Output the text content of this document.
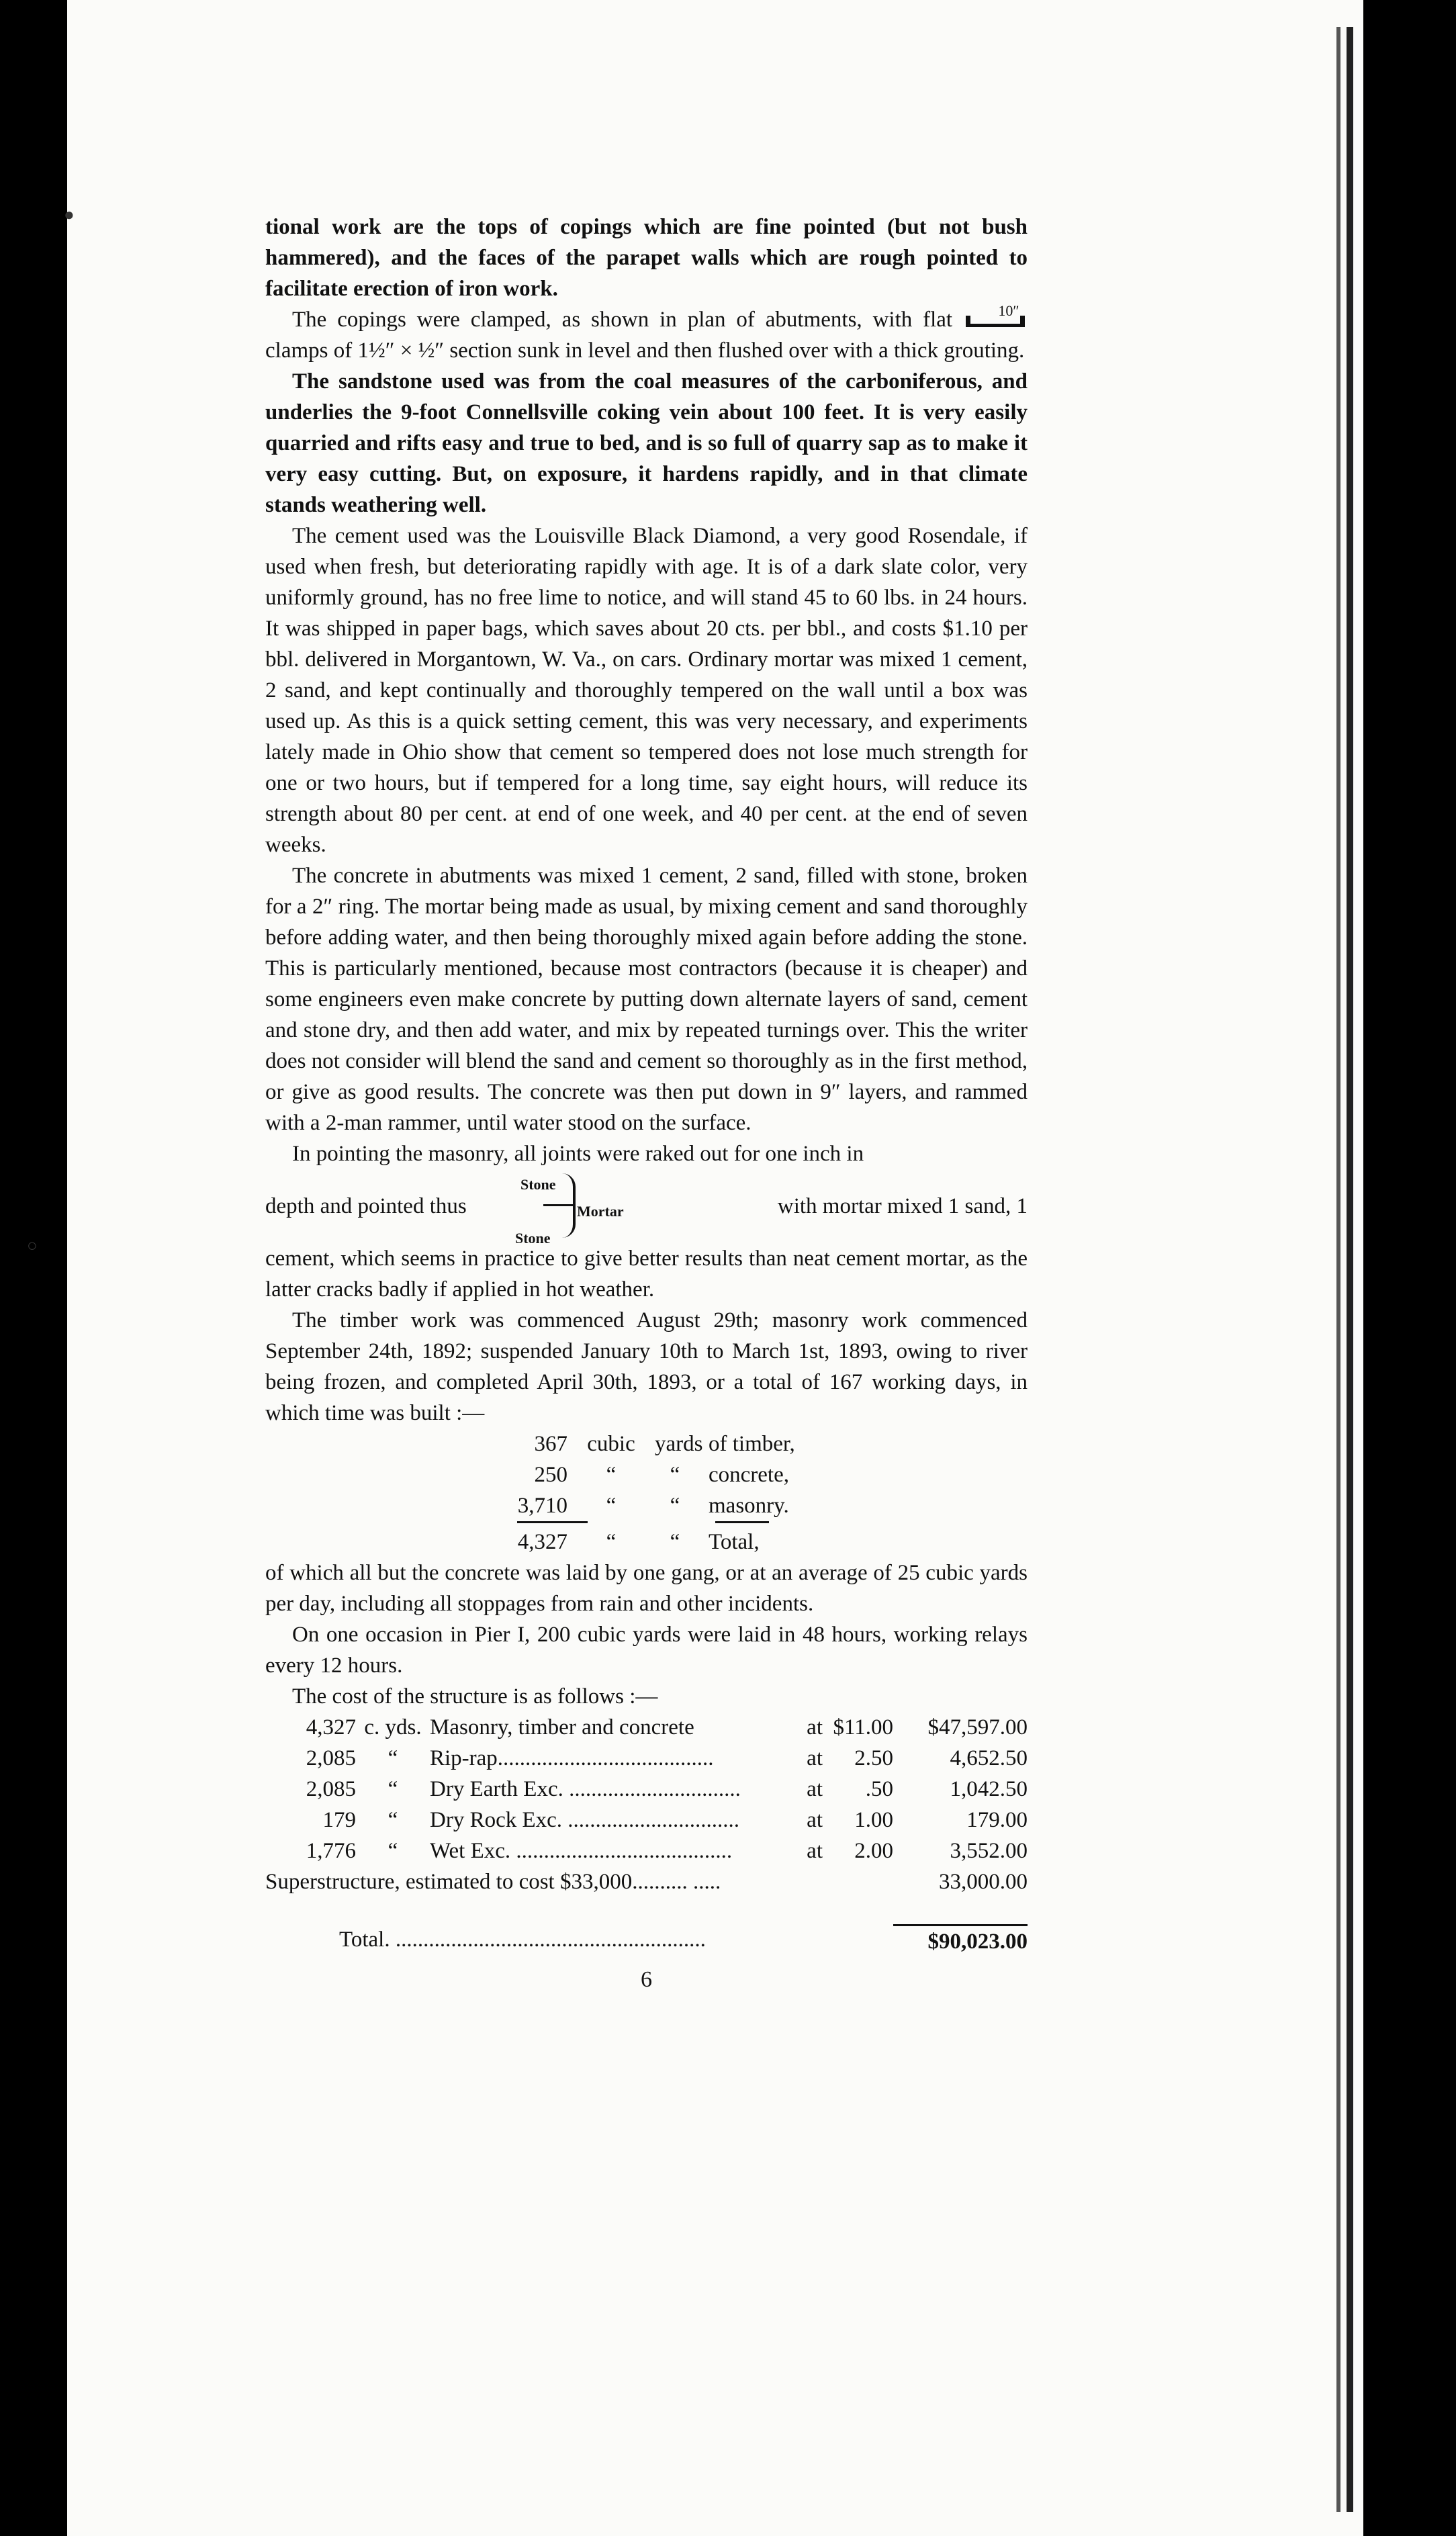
●
○

tional work are the tops of copings which are fine pointed (but not bush hammered), and the faces of the parapet walls which are rough pointed to facilitate erection of iron work.

The copings were clamped, as shown in plan of abutments, with flat	10″
clamps of 1½″ × ½″ section sunk in level and then flushed over with a thick grouting.

The sandstone used was from the coal measures of the carboniferous, and underlies the 9-foot Connellsville coking vein about 100 feet. It is very easily quarried and rifts easy and true to bed, and is so full of quarry sap as to make it very easy cutting. But, on exposure, it hardens rapidly, and in that climate stands weathering well.

The cement used was the Louisville Black Diamond, a very good Rosendale, if used when fresh, but deteriorating rapidly with age. It is of a dark slate color, very uniformly ground, has no free lime to notice, and will stand 45 to 60 lbs. in 24 hours. It was shipped in paper bags, which saves about 20 cts. per bbl., and costs $1.10 per bbl. delivered in Morgantown, W. Va., on cars. Ordinary mortar was mixed 1 cement, 2 sand, and kept continually and thoroughly tempered on the wall until a box was used up. As this is a quick setting cement, this was very necessary, and experiments lately made in Ohio show that cement so tempered does not lose much strength for one or two hours, but if tempered for a long time, say eight hours, will reduce its strength about 80 per cent. at end of one week, and 40 per cent. at the end of seven weeks.

The concrete in abutments was mixed 1 cement, 2 sand, filled with stone, broken for a 2″ ring. The mortar being made as usual, by mixing cement and sand thoroughly before adding water, and then being thoroughly mixed again before adding the stone. This is particularly mentioned, because most contractors (because it is cheaper) and some engineers even make concrete by putting down alternate layers of sand, cement and stone dry, and then add water, and mix by repeated turnings over. This the writer does not consider will blend the sand and cement so thoroughly as in the first method, or give as good results. The concrete was then put down in 9″ layers, and rammed with a 2-man rammer, until water stood on the surface.

In pointing the masonry, all joints were raked out for one inch in

depth and pointed thus
Stone
Mortar
Stone
with mortar mixed 1 sand, 1

cement, which seems in practice to give better results than neat cement mortar, as the latter cracks badly if applied in hot weather.

The timber work was commenced August 29th; masonry work commenced September 24th, 1892; suspended January 10th to March 1st, 1893, owing to river being frozen, and completed April 30th, 1893, or a total of 167 working days, in which time was built :—

367 cubic yards of timber,
250	“	“	concrete,
3,710	“	“	masonry.
4,327	“	“	Total,

of which all but the concrete was laid by one gang, or at an average of 25 cubic yards per day, including all stoppages from rain and other incidents.

On one occasion in Pier I, 200 cubic yards were laid in 48 hours, working relays every 12 hours.

The cost of the structure is as follows :—

4,327 c. yds. Masonry, timber and concrete	at $11.00	$47,597.00
2,085	“	Rip-rap.......................................	at	2.50	4,652.50
2,085	“	Dry Earth Exc. ...............................	at	.50	1,042.50
179	“	Dry Rock Exc. ...............................	at	1.00	179.00
1,776	“	Wet Exc. .......................................	at	2.00	3,552.00
Superstructure, estimated to cost $33,000.......... .....	33,000.00
Total. ........................................................	$90,023.00
6
